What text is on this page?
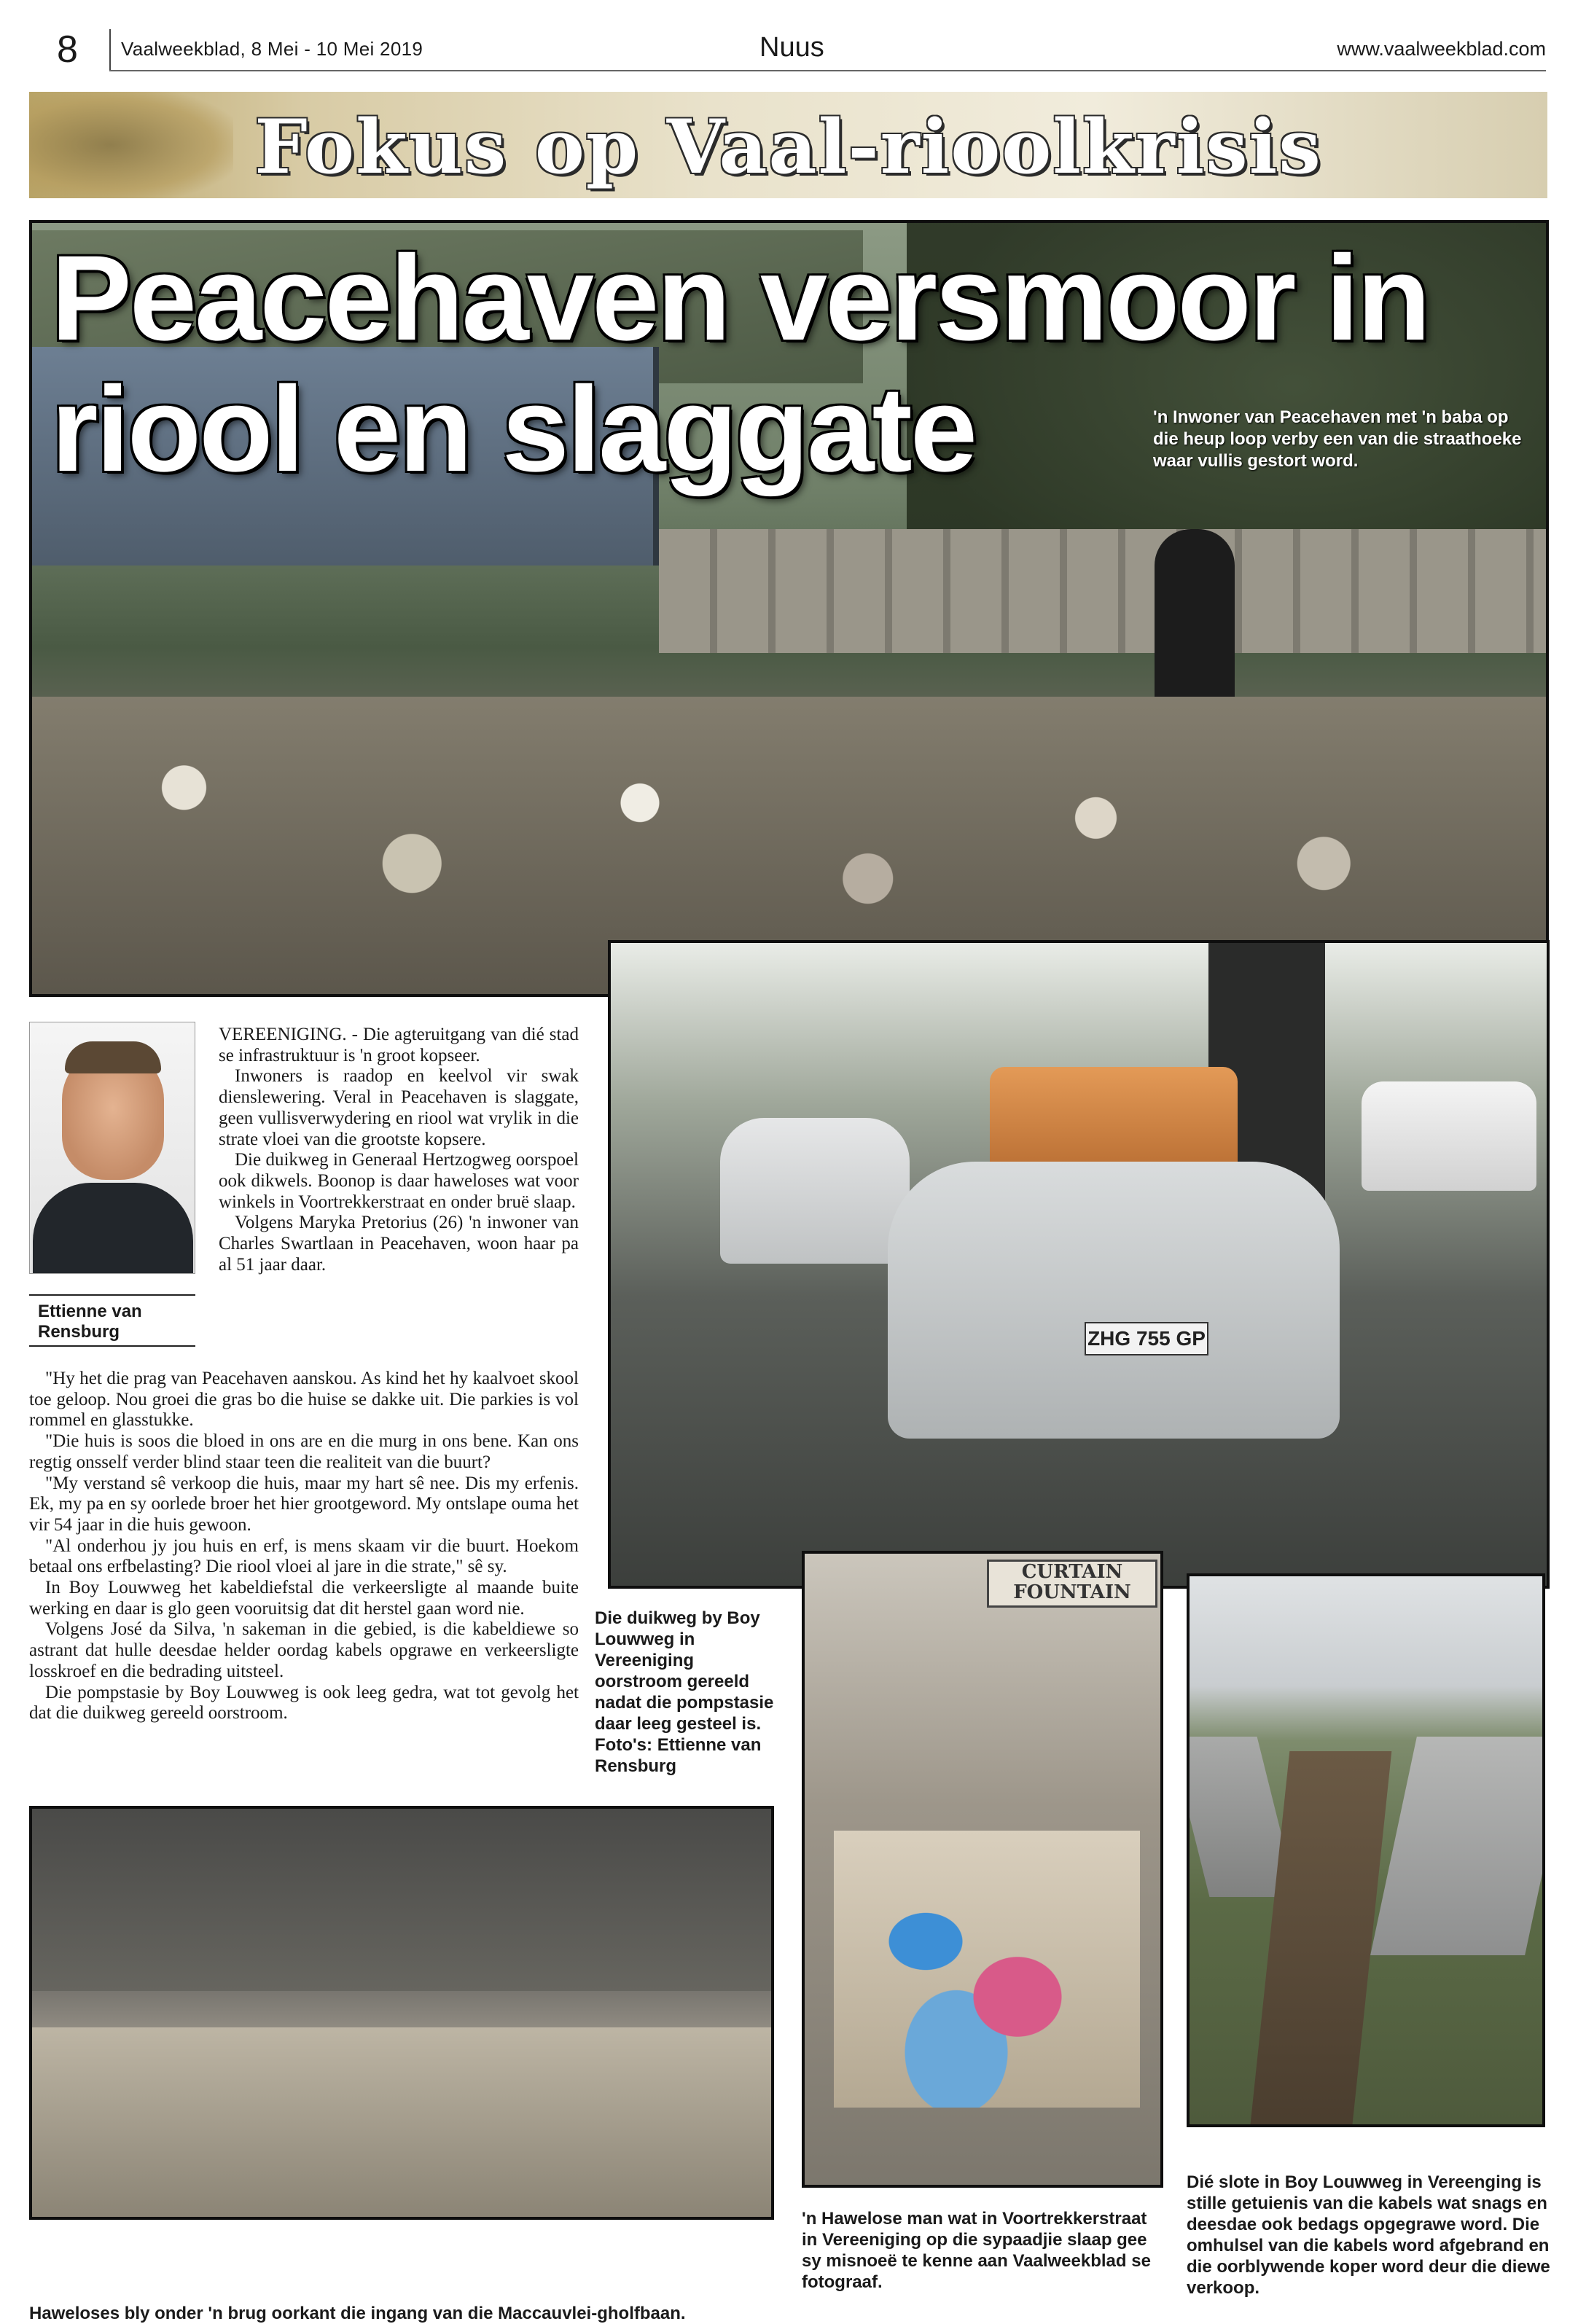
8 Vaalweekblad, 8 Mei - 10 Mei 2019	Nuus	www.vaalweekblad.com
Fokus op Vaal-rioolkrisis
Peacehaven versmoor in riool en slaggate	'n Inwoner van Peacehaven met 'n baba op die heup loop verby een van die straathoeke waar vullis gestort word.
ZHG 755 GP
Ettienne van Rensburg

VEREENIGING. - Die agteruitgang van dié stad se infrastruktuur is 'n groot kopseer.

Inwoners is raadop en keelvol vir swak dienslewering. Veral in Peacehaven is slaggate, geen vullisverwydering en riool wat vrylik in die strate vloei van die grootste kopsere.

Die duikweg in Generaal Hertzogweg oorspoel ook dikwels. Boonop is daar haweloses wat voor winkels in Voortrekkerstraat en onder bruë slaap.

Volgens Maryka Pretorius (26) 'n inwoner van Charles Swartlaan in Peacehaven, woon haar pa al 51 jaar daar.

"Hy het die prag van Peacehaven aanskou. As kind het hy kaalvoet skool toe geloop. Nou groei die gras bo die huise se dakke uit. Die parkies is vol rommel en glasstukke.

"Die huis is soos die bloed in ons are en die murg in ons bene. Kan ons regtig onsself verder blind staar teen die realiteit van die buurt?

"My verstand sê verkoop die huis, maar my hart sê nee. Dis my erfenis. Ek, my pa en sy oorlede broer het hier grootgeword. My ontslape ouma het vir 54 jaar in die huis gewoon.

"Al onderhou jy jou huis en erf, is mens skaam vir die buurt. Hoekom betaal ons erfbelasting? Die riool vloei al jare in die strate," sê sy.

In Boy Louwweg het kabeldiefstal die verkeersligte al maande buite werking en daar is glo geen vooruitsig dat dit herstel gaan word nie.

Volgens José da Silva, 'n sakeman in die gebied, is die kabeldiewe so astrant dat hulle deesdae helder oordag kabels opgrawe en verkeersligte losskroef en die bedrading uitsteel.

Die pompstasie by Boy Louwweg is ook leeg gedra, wat tot gevolg het dat die duikweg gereeld oorstroom.

Die duikweg by Boy Louwweg in Vereeniging oorstroom gereeld nadat die pompstasie daar leeg gesteel is. Foto's: Ettienne van Rensburg
Haweloses bly onder 'n brug oorkant die ingang van die Maccauvlei-gholfbaan.
CURTAIN FOUNTAIN
'n Hawelose man wat in Voortrekkerstraat in Vereeniging op die sypaadjie slaap gee sy misnoeë te kenne aan Vaalweekblad se fotograaf.
Dié slote in Boy Louwweg in Vereenging is stille getuienis van die kabels wat snags en deesdae ook bedags opgegrawe word. Die omhulsel van die kabels word afgebrand en die oorblywende koper word deur die diewe verkoop.
